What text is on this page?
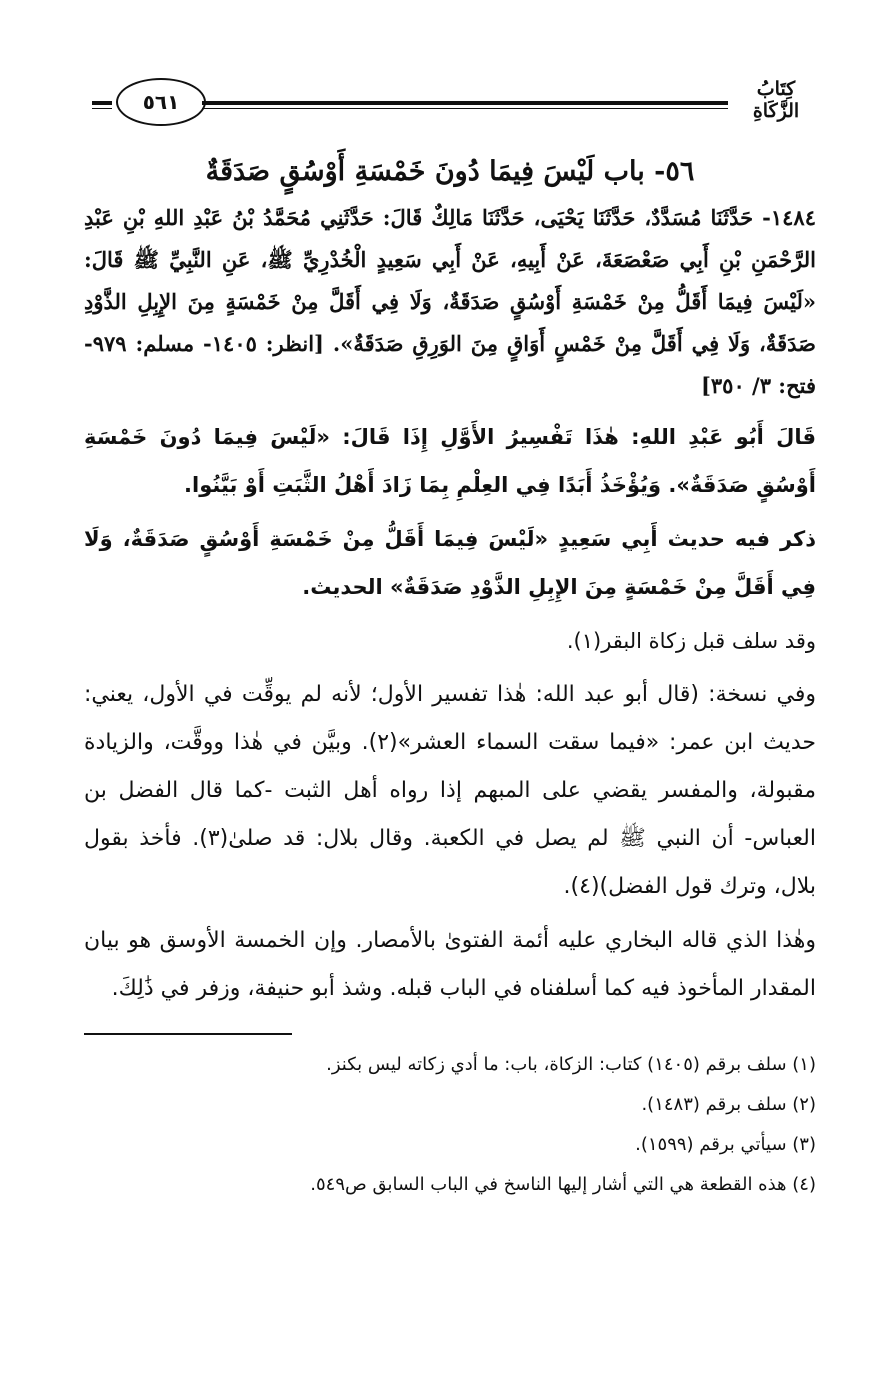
٥٦١
كِتَابُ الزَّكَاةِ
٥٦- باب لَيْسَ فِيمَا دُونَ خَمْسَةِ أَوْسُقٍ صَدَقَةٌ

١٤٨٤- حَدَّثَنَا مُسَدَّدٌ، حَدَّثَنَا يَحْيَى، حَدَّثَنَا مَالِكٌ قَالَ: حَدَّثَنِي مُحَمَّدُ بْنُ عَبْدِ اللهِ بْنِ عَبْدِ الرَّحْمَنِ بْنِ أَبِي صَعْصَعَةَ، عَنْ أَبِيهِ، عَنْ أَبِي سَعِيدٍ الْخُدْرِيِّ ﷺ، عَنِ النَّبِيِّ ﷺ قَالَ: «لَيْسَ فِيمَا أَقَلُّ مِنْ خَمْسَةِ أَوْسُقٍ صَدَقَةٌ، وَلَا فِي أَقَلَّ مِنْ خَمْسَةٍ مِنَ الإِبِلِ الذَّوْدِ صَدَقَةٌ، وَلَا فِي أَقَلَّ مِنْ خَمْسٍ أَوَاقٍ مِنَ الوَرِقِ صَدَقَةٌ». [انظر: ١٤٠٥- مسلم: ٩٧٩- فتح: ٣/ ٣٥٠]

قَالَ أَبُو عَبْدِ اللهِ: هٰذَا تَفْسِيرُ الأَوَّلِ إِذَا قَالَ: «لَيْسَ فِيمَا دُونَ خَمْسَةِ أَوْسُقٍ صَدَقَةٌ». وَيُؤْخَذُ أَبَدًا فِي العِلْمِ بِمَا زَادَ أَهْلُ الثَّبَتِ أَوْ بَيَّنُوا.

ذكر فيه حديث أَبِي سَعِيدٍ «لَيْسَ فِيمَا أَقَلُّ مِنْ خَمْسَةِ أَوْسُقٍ صَدَقَةٌ، وَلَا فِي أَقَلَّ مِنْ خَمْسَةٍ مِنَ الإِبِلِ الذَّوْدِ صَدَقَةٌ» الحديث.

وقد سلف قبل زكاة البقر(١).

وفي نسخة: (قال أبو عبد الله: هٰذا تفسير الأول؛ لأنه لم يوقِّت في الأول، يعني: حديث ابن عمر: «فيما سقت السماء العشر»(٢). وبيَّن في هٰذا ووقَّت، والزيادة مقبولة، والمفسر يقضي على المبهم إذا رواه أهل الثبت -كما قال الفضل بن العباس- أن النبي ﷺ لم يصل في الكعبة. وقال بلال: قد صلىٰ(٣). فأخذ بقول بلال، وترك قول الفضل)(٤).

وهٰذا الذي قاله البخاري عليه أئمة الفتوىٰ بالأمصار. وإن الخمسة الأوسق هو بيان المقدار المأخوذ فيه كما أسلفناه في الباب قبله. وشذ أبو حنيفة، وزفر في ذَٰلِكَ.

(١) سلف برقم (١٤٠٥) كتاب: الزكاة، باب: ما أدي زكاته ليس بكنز.

(٢) سلف برقم (١٤٨٣).

(٣) سيأتي برقم (١٥٩٩).

(٤) هذه القطعة هي التي أشار إليها الناسخ في الباب السابق ص٥٤٩.
